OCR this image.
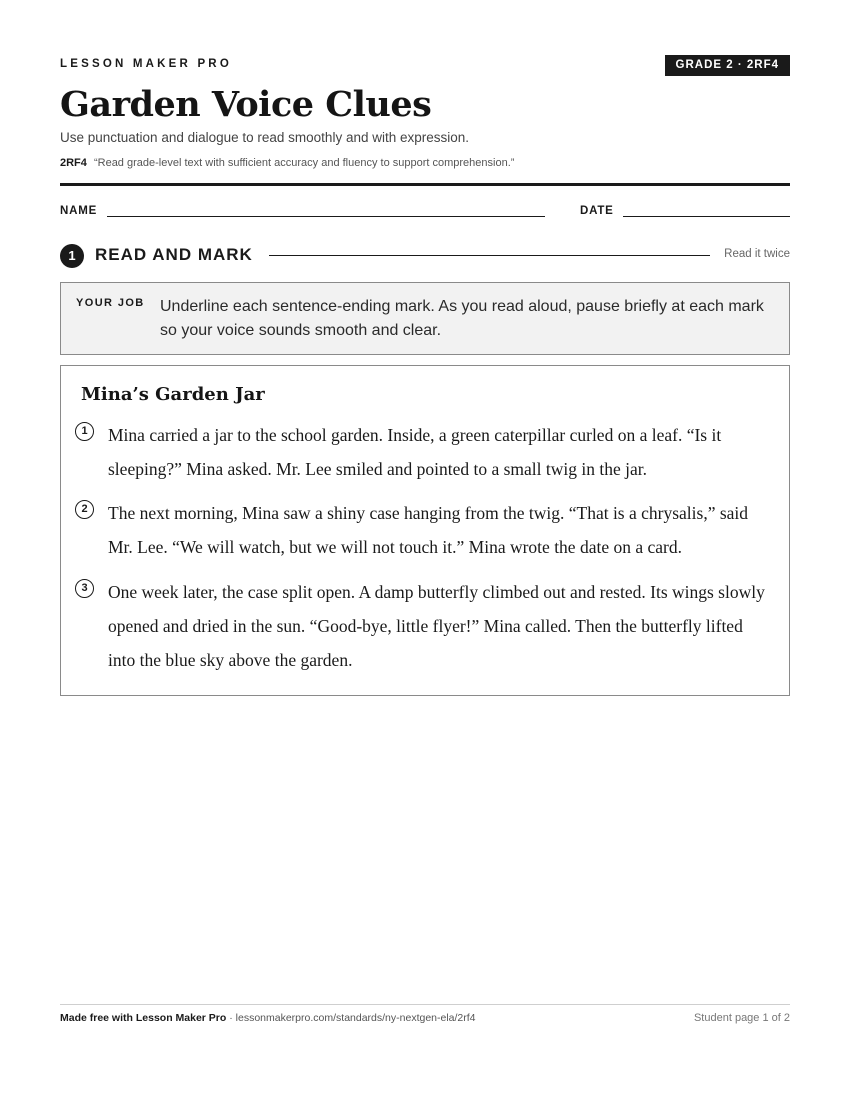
LESSON MAKER PRO	GRADE 2 · 2RF4
Garden Voice Clues
Use punctuation and dialogue to read smoothly and with expression.
2RF4 “Read grade-level text with sufficient accuracy and fluency to support comprehension.”
NAME	DATE
1	READ AND MARK	Read it twice
YOUR JOB Underline each sentence-ending mark. As you read aloud, pause briefly at each mark so your voice sounds smooth and clear.
Mina’s Garden Jar
1	Mina carried a jar to the school garden. Inside, a green caterpillar curled on a leaf. “Is it sleeping?” Mina asked. Mr. Lee smiled and pointed to a small twig in the jar.
2	The next morning, Mina saw a shiny case hanging from the twig. “That is a chrysalis,” said Mr. Lee. “We will watch, but we will not touch it.” Mina wrote the date on a card.
3	One week later, the case split open. A damp butterfly climbed out and rested. Its wings slowly opened and dried in the sun. “Good-bye, little flyer!” Mina called. Then the butterfly lifted into the blue sky above the garden.
Made free with Lesson Maker Pro · lessonmakerpro.com/standards/ny-nextgen-ela/2rf4	Student page 1 of 2
